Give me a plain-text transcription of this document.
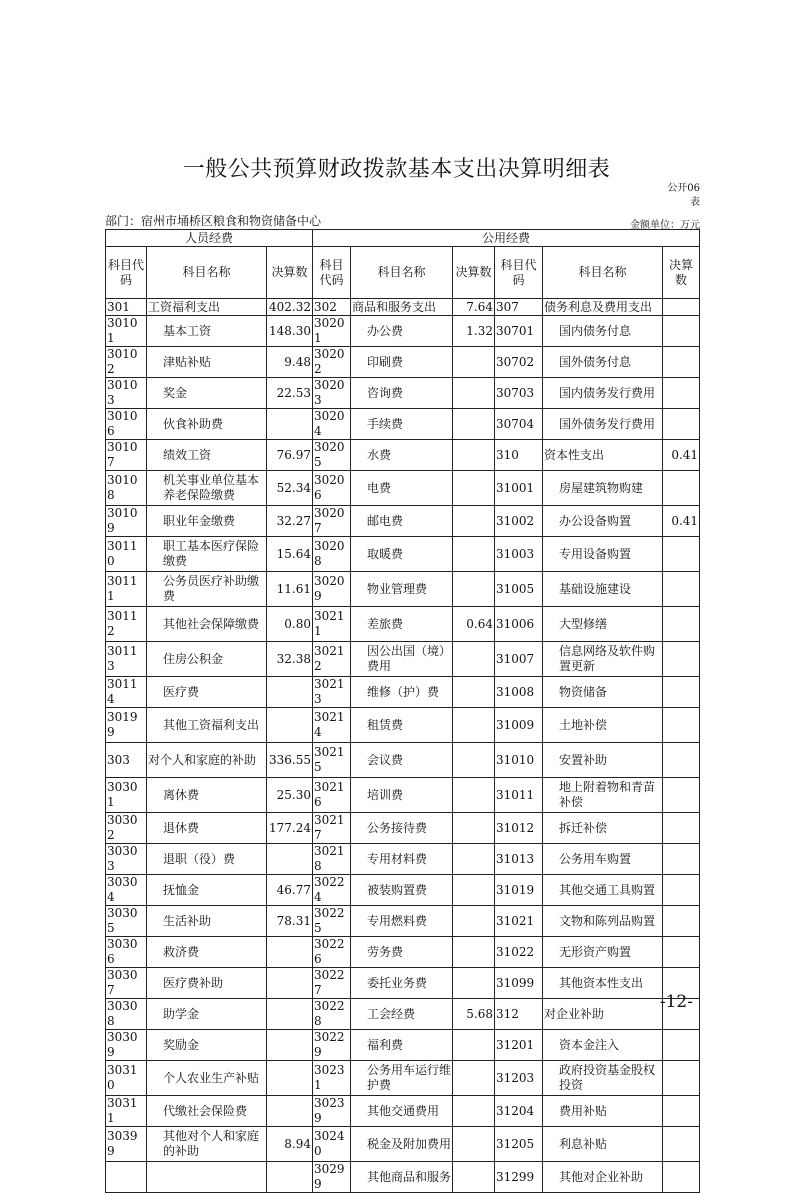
一般公共预算财政拨款基本支出决算明细表
公开06
表
部门：宿州市埇桥区粮食和物资储备中心	金额单位：万元
人员经费			公用经费					
科目代码	科目名称	决算数	科目代码	科目名称	决算数	科目代码	科目名称	决算数
301	工资福利支出	402.32	302	商品和服务支出	7.64	307	债务利息及费用支出	
30101	基本工资	148.30	30201	办公费	1.32	30701	国内债务付息	
30102	津贴补贴	9.48	30202	印刷费		30702	国外债务付息	
30103	奖金	22.53	30203	咨询费		30703	国内债务发行费用	
30106	伙食补助费		30204	手续费		30704	国外债务发行费用	
30107	绩效工资	76.97	30205	水费		310	资本性支出	0.41
30108	机关事业单位基本养老保险缴费	52.34	30206	电费		31001	房屋建筑物购建	
30109	职业年金缴费	32.27	30207	邮电费		31002	办公设备购置	0.41
30110	职工基本医疗保险缴费	15.64	30208	取暖费		31003	专用设备购置	
30111	公务员医疗补助缴费	11.61	30209	物业管理费		31005	基础设施建设	
30112	其他社会保障缴费	0.80	30211	差旅费	0.64	31006	大型修缮	
30113	住房公积金	32.38	30212	因公出国（境）费用		31007	信息网络及软件购置更新	
30114	医疗费		30213	维修（护）费		31008	物资储备	
30199	其他工资福利支出		30214	租赁费		31009	土地补偿	
303	对个人和家庭的补助	336.55	30215	会议费		31010	安置补助	
30301	离休费	25.30	30216	培训费		31011	地上附着物和青苗补偿	
30302	退休费	177.24	30217	公务接待费		31012	拆迁补偿	
30303	退职（役）费		30218	专用材料费		31013	公务用车购置	
30304	抚恤金	46.77	30224	被装购置费		31019	其他交通工具购置	
30305	生活补助	78.31	30225	专用燃料费		31021	文物和陈列品购置	
30306	救济费		30226	劳务费		31022	无形资产购置	
30307	医疗费补助		30227	委托业务费		31099	其他资本性支出	
30308	助学金		30228	工会经费	5.68	312	对企业补助	
30309	奖励金		30229	福利费		31201	资本金注入	
30310	个人农业生产补贴		30231	公务用车运行维护费		31203	政府投资基金股权投资	
30311	代缴社会保险费		30239	其他交通费用		31204	费用补贴	
30399	其他对个人和家庭的补助	8.94	30240	税金及附加费用		31205	利息补贴	
			30299	其他商品和服务		31299	其他对企业补助	
-12-
